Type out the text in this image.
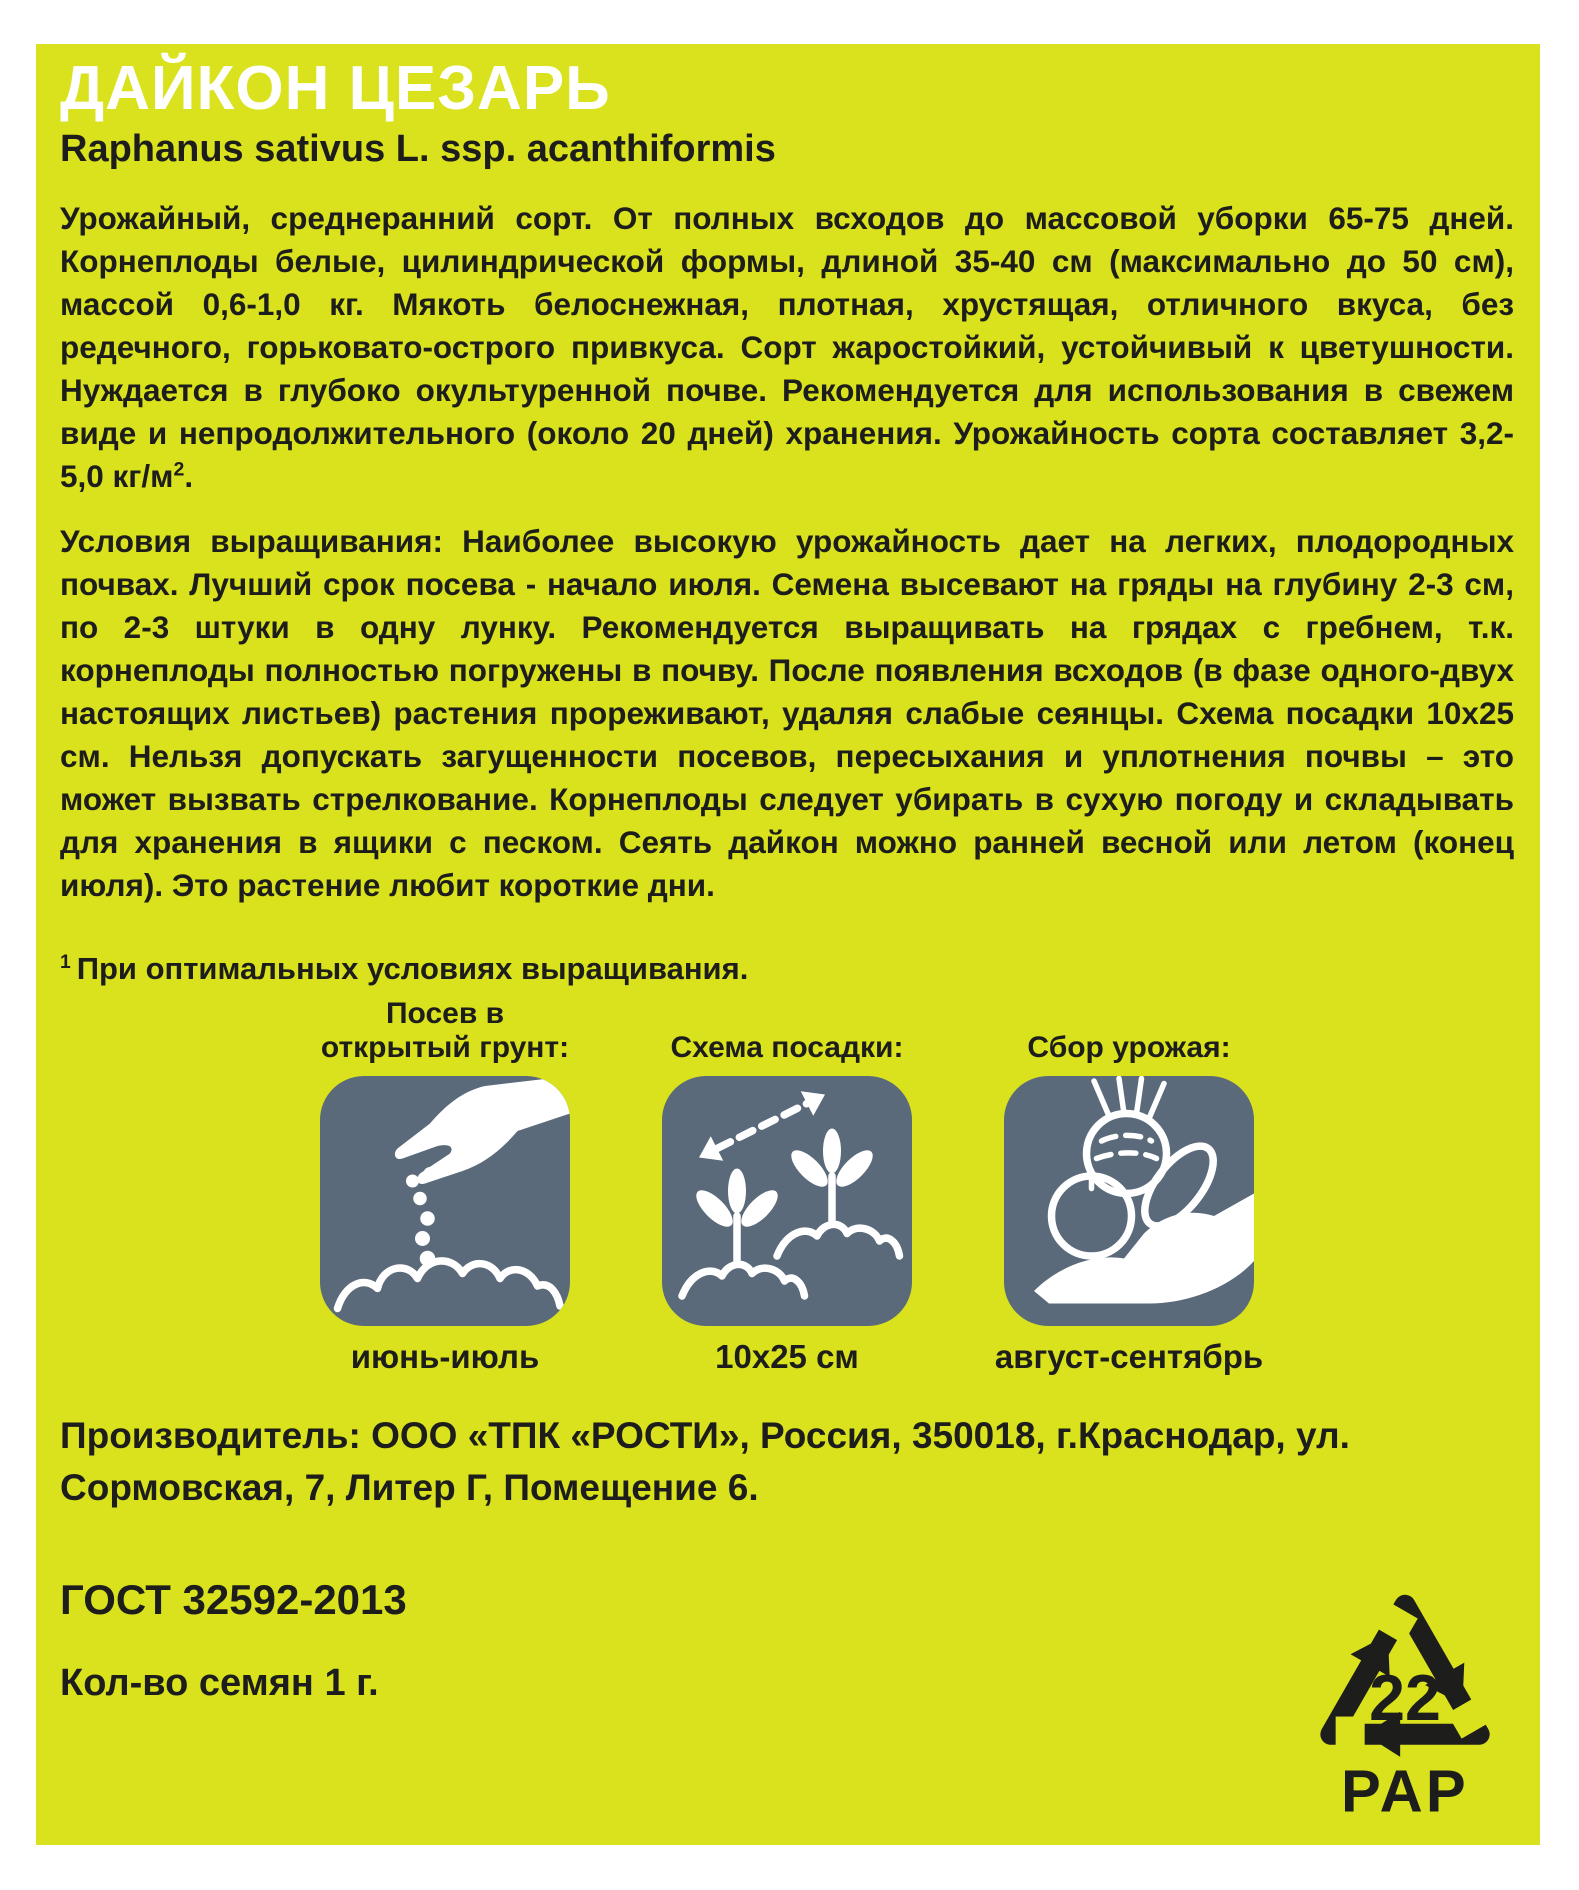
ДАЙКОН ЦЕЗАРЬ
Raphanus sativus L. ssp. acanthiformis

Урожайный, среднеранний сорт. От полных всходов до массовой уборки 65-75 дней. Корнеплоды белые, цилиндрической формы, длиной 35-40 см (максимально до 50 см), массой 0,6-1,0 кг. Мякоть белоснежная, плотная, хрустящая, отличного вкуса, без редечного, горьковато-острого привкуса. Сорт жаростойкий, устойчивый к цветушности. Нуждается в глубоко окультуренной почве. Рекомендуется для использования в свежем виде и непродолжительного (около 20 дней) хранения. Урожайность сорта составляет 3,2-5,0 $кг/м^2$.

Условия выращивания: Наиболее высокую урожайность дает на легких, плодородных почвах. Лучший срок посева - начало июля. Семена высевают на гряды на глубину 2-3 см, по 2-3 штуки в одну лунку. Рекомендуется выращивать на грядах с гребнем, т.к. корнеплоды полностью погружены в почву. После появления всходов (в фазе одного-двух настоящих листьев) растения прореживают, удаляя слабые сеянцы. Схема посадки 10х25 см. Нельзя допускать загущенности посевов, пересыхания и уплотнения почвы – это может вызвать стрелкование. Корнеплоды следует убирать в сухую погоду и складывать для хранения в ящики с песком. Сеять дайкон можно ранней весной или летом (конец июля). Это растение любит короткие дни.

$^1$ При оптимальных условиях выращивания.
Посев в открытый грунт:
июнь-июль
Схема посадки:
10х25 см
Сбор урожая:
август-сентябрь

Производитель: ООО «ТПК «РОСТИ», Россия, 350018, г.Краснодар, ул. Сормовская, 7, Литер Г, Помещение 6.

ГОСТ 32592-2013
Кол-во семян 1 г.	22
PAP
